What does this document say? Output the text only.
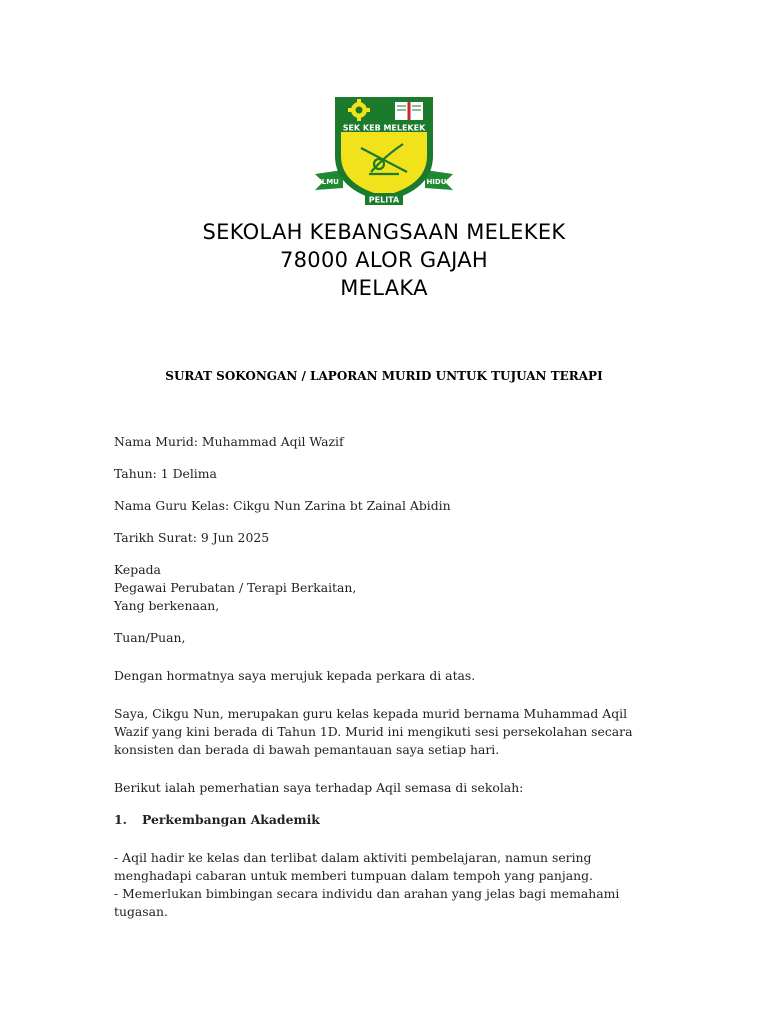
SEK KEB MELEKEK
ILMU	HIDUP
PELITA
SEKOLAH KEBANGSAAN MELEKEK
78000 ALOR GAJAH
MELAKA
SURAT SOKONGAN / LAPORAN MURID UNTUK TUJUAN TERAPI

Nama Murid: Muhammad Aqil Wazif

Tahun: 1 Delima

Nama Guru Kelas: Cikgu Nun Zarina bt Zainal Abidin

Tarikh Surat: 9 Jun 2025

Kepada

Pegawai Perubatan / Terapi Berkaitan,

Yang berkenaan,

Tuan/Puan,

Dengan hormatnya saya merujuk kepada perkara di atas.

Saya, Cikgu Nun, merupakan guru kelas kepada murid bernama Muhammad Aqil Wazif yang kini berada di Tahun 1D. Murid ini mengikuti sesi persekolahan secara konsisten dan berada di bawah pemantauan saya setiap hari.

Berikut ialah pemerhatian saya terhadap Aqil semasa di sekolah:

1.	Perkembangan Akademik

- Aqil hadir ke kelas dan terlibat dalam aktiviti pembelajaran, namun sering menghadapi cabaran untuk memberi tumpuan dalam tempoh yang panjang.

- Memerlukan bimbingan secara individu dan arahan yang jelas bagi memahami tugasan.
